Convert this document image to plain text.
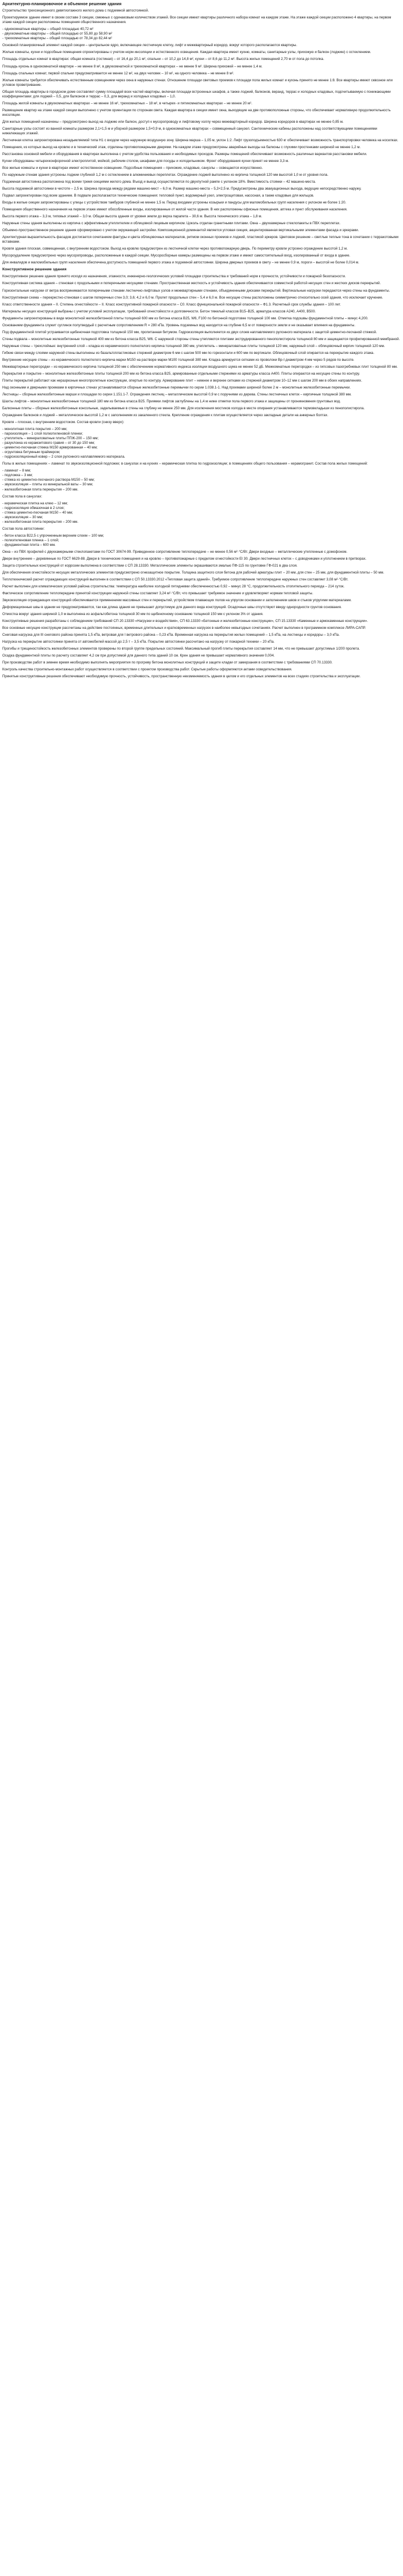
Архитектурно-планировочное и объемное решение здания

Строительство трехсекционного девятиэтажного жилого дома с подземной автостоянкой.

Проектируемое здание имеет в своем составе 3 секции, смежных с одинаковым количеством этажей. Все секции имеют квартиры различного набора комнат на каждом этаже. На этаже каждой секции расположено 4 квартиры, на первом этаже каждой секции расположены помещения общественного назначения.

- однокомнатные квартиры – общей площадью 40,72 м²

- двухкомнатные квартиры – общей площадью от 55,80 до 58,90 м²

- трехкомнатные квартиры – общей площадью от 78,34 до 82,44 м²

Основной планировочный элемент каждой секции – центральное ядро, включающее лестничную клетку, лифт и межквартирный коридор, вокруг которого располагаются квартиры.

Жилые комнаты, кухни и подсобные помещения спроектированы с учетом норм инсоляции и естественного освещения. Каждая квартира имеет кухню, комнаты, санитарные узлы, прихожую и балкон (лоджию) с остеклением.

Площадь отдельных комнат в квартирах: общая комната (гостиная) – от 16,4 до 20,1 м², спальни – от 10,2 до 14,8 м², кухни – от 8,6 до 11,2 м². Высота жилых помещений 2,70 м от пола до потолка.

Площадь кухонь в однокомнатной квартире – не менее 8 м², в двухкомнатной и трехкомнатной квартирах – не менее 9 м². Ширина прихожей – не менее 1,4 м.

Площадь спальных комнат, первой спальни предусматривается не менее 12 м², на двух человек – 10 м², на одного человека – не менее 8 м².

Жилые комнаты требуется обеспечивать естественным освещением через окна в наружных стенах. Отношение площади световых проемов к площади пола жилых комнат и кухонь принято не менее 1:8. Все квартиры имеют сквозное или угловое проветривание.

Общая площадь квартиры в городском доме составляет сумму площадей всех частей квартиры, включая площади встроенных шкафов, а также лоджий, балконов, веранд, террас и холодных кладовых, подсчитываемую с понижающими коэффициентами: для лоджий – 0,5, для балконов и террас – 0,3, для веранд и холодных кладовых – 1,0.

Площадь жилой комнаты в двухкомнатных квартирах – не менее 16 м², трехкомнатных – 18 м², в четырех- и пятикомнатных квартирах – не менее 20 м².

Размещение квартир на этаже каждой секции выполнено с учетом ориентации по сторонам света. Каждая квартира в секции имеет окна, выходящие на две противоположные стороны, что обеспечивает нормативную продолжительность инсоляции.

Для жилых помещений назначены – предусмотрено выход на лоджию или балкон, доступ к мусоропроводу и лифтовому холлу через межквартирный коридор. Ширина коридоров в квартирах не менее 0,85 м.

Санитарные узлы состоят из ванной комнаты размером 2,1×1,5 м и уборной размером 1,5×0,9 м, в однокомнатных квартирах – совмещенный санузел. Сантехнические кабины расположены над соответствующими помещениями нижележащих этажей.

Лестничная клетка запроектирована незадымляемой типа Н1 с входом через наружную воздушную зону. Ширина марша – 1,05 м, уклон 1:2. Лифт грузоподъемностью 630 кг обеспечивает возможность транспортировки человека на носилках.

Помещения, из которых выход на кровлю и в технический этаж, отделены противопожарными дверями. На каждом этаже предусмотрены аварийные выходы на балконы с глухими простенками шириной не менее 1,2 м.

Расстановка основной мебели и оборудования в квартирах выполнена с учетом удобства пользования и необходимых проходов. Размеры помещений обеспечивают возможность различных вариантов расстановки мебели.

Кухни оборудованы четырехконфорочной электроплитой, мойкой, рабочим столом, шкафами для посуды и холодильником. Фронт оборудования кухни принят не менее 3,3 м.

Все жилые комнаты и кухни в квартирах имеют естественное освещение. Подсобные помещения – прихожие, кладовые, санузлы – освещаются искусственно.

По наружным стенам здания устроены лоджии глубиной 1,2 м с остеклением в алюминиевых переплетах. Ограждение лоджий выполнено из кирпича толщиной 120 мм высотой 1,0 м от уровня пола.

Подземная автостоянка расположена под всеми тремя секциями жилого дома. Въезд и выезд осуществляются по двухпутной рампе с уклоном 18%. Вместимость стоянки – 42 машино-места.

Высота подземной автостоянки в чистоте – 2,5 м. Ширина проезда между рядами машино-мест – 6,0 м. Размер машино-места – 5,3×2,5 м. Предусмотрены два эвакуационных выхода, ведущие непосредственно наружу.

Подвал запроектирован под всем зданием. В подвале располагаются технические помещения: тепловой пункт, водомерный узел, электрощитовая, насосная, а также кладовые для жильцов.

Входы в жилые секции запроектированы с улицы с устройством тамбуров глубиной не менее 1,5 м. Перед входами устроены козырьки и пандусы для маломобильных групп населения с уклоном не более 1:20.

Помещения общественного назначения на первом этаже имеют обособленные входы, изолированные от жилой части здания. В них расположены офисные помещения, аптека и пункт обслуживания населения.

Высота первого этажа – 3,3 м, типовых этажей – 3,0 м. Общая высота здания от уровня земли до верха парапета – 30,6 м. Высота технического этажа – 1,8 м.

Наружные стены здания выполнены из кирпича с эффективным утеплителем и облицовкой лицевым кирпичом. Цоколь отделан гранитными плитами. Окна – двухкамерные стеклопакеты в ПВХ переплетах.

Объемно-пространственное решение здания сформировано с учетом окружающей застройки. Композиционной доминантой является угловая секция, акцентированная вертикальными элементами фасада и эркерами.

Архитектурная выразительность фасадов достигается сочетанием фактуры и цвета облицовочных материалов, ритмом оконных проемов и лоджий, пластикой эркеров. Цветовое решение – светлые теплые тона в сочетании с терракотовыми вставками.

Кровля здания плоская, совмещенная, с внутренним водостоком. Выход на кровлю предусмотрен из лестничной клетки через противопожарную дверь. По периметру кровли устроено ограждение высотой 1,2 м.

Мусороудаление предусмотрено через мусоропроводы, расположенные в каждой секции. Мусоросборные камеры размещены на первом этаже и имеют самостоятельный вход, изолированный от входа в здание.

Для инвалидов и маломобильных групп населения обеспечена доступность помещений первого этажа и подземной автостоянки. Ширина дверных проемов в свету – не менее 0,9 м, пороги – высотой не более 0,014 м.

Конструктивное решение здания

Конструктивное решение здания принято исходя из назначения, этажности, инженерно-геологических условий площадки строительства и требований норм к прочности, устойчивости и пожарной безопасности.

Конструктивная система здания – стеновая с продольными и поперечными несущими стенами. Пространственная жесткость и устойчивость здания обеспечиваются совместной работой несущих стен и жестких дисков перекрытий.

Горизонтальные нагрузки от ветра воспринимаются поперечными стенами лестнично-лифтовых узлов и межквартирными стенами, объединенными дисками перекрытий. Вертикальные нагрузки передаются через стены на фундаменты.

Конструктивная схема – перекрестно-стеновая с шагом поперечных стен 3,0; 3,6; 4,2 и 6,0 м. Пролет продольных стен – 5,4 и 6,0 м. Все несущие стены расположены симметрично относительно осей здания, что исключает кручение.

Класс ответственности здания – II. Степень огнестойкости – II. Класс конструктивной пожарной опасности – С0. Класс функциональной пожарной опасности – Ф1.3. Расчетный срок службы здания – 100 лет.

Материалы несущих конструкций выбраны с учетом условий эксплуатации, требований огнестойкости и долговечности. Бетон тяжелый классов B15–B25, арматура классов А240, А400, В500.

Фундаменты запроектированы в виде монолитной железобетонной плиты толщиной 600 мм из бетона класса B25, W6, F100 по бетонной подготовке толщиной 100 мм. Отметка подошвы фундаментной плиты – минус 4,200.

Основанием фундамента служит суглинок полутвердый с расчетным сопротивлением R = 280 кПа. Уровень подземных вод находится на глубине 6,5 м от поверхности земли и не оказывает влияния на фундаменты.

Под фундаментной плитой устраивается щебеночная подготовка толщиной 150 мм, пропитанная битумом. Гидроизоляция выполняется из двух слоев наплавляемого рулонного материала с защитой цементно-песчаной стяжкой.

Стены подвала – монолитные железобетонные толщиной 400 мм из бетона класса B25, W6. С наружной стороны стены утепляются плитами экструдированного пенополистирола толщиной 80 мм и защищаются профилированной мембраной.

Наружные стены – трехслойные: внутренний слой – кладка из керамического полнотелого кирпича толщиной 380 мм, утеплитель – минераловатные плиты толщиной 120 мм, наружный слой – облицовочный кирпич толщиной 120 мм.

Гибкие связи между слоями наружной стены выполнены из базальтопластиковых стержней диаметром 6 мм с шагом 500 мм по горизонтали и 600 мм по вертикали. Облицовочный слой опирается на перекрытие каждого этажа.

Внутренние несущие стены – из керамического полнотелого кирпича марки М150 на растворе марки М100 толщиной 380 мм. Кладка армируется сетками из проволоки Вр-I диаметром 4 мм через 5 рядов по высоте.

Межквартирные перегородки – из керамического кирпича толщиной 250 мм с обеспечением нормативного индекса изоляции воздушного шума не менее 52 дБ. Межкомнатные перегородки – из гипсовых пазогребневых плит толщиной 80 мм.

Перекрытия и покрытие – монолитные железобетонные плиты толщиной 200 мм из бетона класса B25, армированные отдельными стержнями из арматуры класса А400. Плиты опираются на несущие стены по контуру.

Плиты перекрытий работают как неразрезные многопролетные конструкции, опертые по контуру. Армирование плит – нижнее и верхнее сетками из стержней диаметром 10–12 мм с шагом 200 мм в обоих направлениях.

Над оконными и дверными проемами в кирпичных стенах устанавливаются сборные железобетонные перемычки по серии 1.038.1-1. Над проемами шириной более 2 м – монолитные железобетонные перемычки.

Лестницы – сборные железобетонные марши и площадки по серии 1.151.1-7. Ограждения лестниц – металлические высотой 0,9 м с поручнями из дерева. Стены лестничных клеток – кирпичные толщиной 380 мм.

Шахты лифтов – монолитные железобетонные толщиной 180 мм из бетона класса B25. Приямки лифтов заглублены на 1,4 м ниже отметки пола первого этажа и защищены от проникновения грунтовых вод.

Балконные плиты – сборные железобетонные консольные, заделываемые в стены на глубину не менее 250 мм. Для исключения мостиков холода в месте опирания устанавливаются термовкладыши из пенополистирола.

Ограждение балконов и лоджий – металлическое высотой 1,2 м с заполнением из закаленного стекла. Крепление ограждения к плитам осуществляется через закладные детали на анкерных болтах.

Кровля – плоская, с внутренним водостоком. Состав кровли (снизу вверх):

- монолитная плита покрытия – 200 мм;

- пароизоляция – 1 слой полиэтиленовой пленки;

- утеплитель – минераловатные плиты ППЖ-200 – 150 мм;

- разуклонка из керамзитового гравия – от 30 до 150 мм;

- цементно-песчаная стяжка М150 армированная – 40 мм;

- огрунтовка битумным праймером;

- гидроизоляционный ковер – 2 слоя рулонного наплавляемого материала.

Полы в жилых помещениях – ламинат по звукоизоляционной подложке; в санузлах и на кухнях – керамическая плитка по гидроизоляции; в помещениях общего пользования – керамогранит. Состав пола жилых помещений:

- ламинат – 8 мм;

- подложка – 3 мм;

- стяжка из цементно-песчаного раствора М150 – 50 мм;

- звукоизоляция – плиты из минеральной ваты – 30 мм;

- железобетонная плита перекрытия – 200 мм.

Состав пола в санузлах:

- керамическая плитка на клею – 12 мм;

- гидроизоляция обмазочная в 2 слоя;

- стяжка цементно-песчаная М150 – 40 мм;

- звукоизоляция – 30 мм;

- железобетонная плита перекрытия – 200 мм.

Состав пола автостоянки:

- бетон класса B22,5 с упрочненным верхним слоем – 100 мм;

- полиэтиленовая пленка – 1 слой;

- фундаментная плита – 600 мм.

Окна – из ПВХ профилей с двухкамерными стеклопакетами по ГОСТ 30674-99. Приведенное сопротивление теплопередаче – не менее 0,56 м²·°С/Вт. Двери входные – металлические утепленные с домофоном.

Двери внутренние – деревянные по ГОСТ 6629-88. Двери в технические помещения и на кровлю – противопожарные с пределом огнестойкости EI 30. Двери лестничных клеток – с доводчиками и уплотнением в притворах.

Защита строительных конструкций от коррозии выполнена в соответствии с СП 28.13330. Металлические элементы окрашиваются эмалью ПФ-115 по грунтовке ГФ-021 в два слоя.

Для обеспечения огнестойкости несущих металлических элементов предусмотрено огнезащитное покрытие. Толщина защитного слоя бетона для рабочей арматуры плит – 20 мм, для стен – 25 мм, для фундаментной плиты – 50 мм.

Теплотехнический расчет ограждающих конструкций выполнен в соответствии с СП 50.13330.2012 «Тепловая защита зданий». Требуемое сопротивление теплопередаче наружных стен составляет 3,08 м²·°С/Вт.

Расчет выполнен для климатических условий района строительства: температура наиболее холодной пятидневки обеспеченностью 0,92 – минус 28 °С, продолжительность отопительного периода – 214 суток.

Фактическое сопротивление теплопередаче принятой конструкции наружной стены составляет 3,24 м²·°С/Вт, что превышает требуемое значение и удовлетворяет нормам тепловой защиты.

Звукоизоляция ограждающих конструкций обеспечивается применением массивных стен и перекрытий, устройством плавающих полов на упругом основании и заполнением швов и стыков упругими материалами.

Деформационные швы в здании не предусматриваются, так как длина здания не превышает допустимую для данного вида конструкций. Осадочные швы отсутствуют ввиду однородности грунтов основания.

Отмостка вокруг здания шириной 1,0 м выполнена из асфальтобетона толщиной 30 мм по щебеночному основанию толщиной 150 мм с уклоном 3% от здания.

Конструктивные решения разработаны с соблюдением требований СП 20.13330 «Нагрузки и воздействия», СП 63.13330 «Бетонные и железобетонные конструкции», СП 15.13330 «Каменные и армокаменные конструкции».

Все основные несущие конструкции рассчитаны на действие постоянных, временных длительных и кратковременных нагрузок в наиболее невыгодных сочетаниях. Расчет выполнен в программном комплексе ЛИРА-САПР.

Снеговая нагрузка для III снегового района принята 1,5 кПа, ветровая для I ветрового района – 0,23 кПа. Временная нагрузка на перекрытия жилых помещений – 1,5 кПа, на лестницы и коридоры – 3,0 кПа.

Нагрузка на перекрытие автостоянки принята от автомобилей массой до 2,5 т – 3,5 кПа. Покрытие автостоянки рассчитано на нагрузку от пожарной техники – 20 кПа.

Прогибы и трещиностойкость железобетонных элементов проверены по второй группе предельных состояний. Максимальный прогиб плиты перекрытия составляет 14 мм, что не превышает допустимых 1/200 пролета.

Осадка фундаментной плиты по расчету составляет 4,2 см при допустимой для данного типа зданий 10 см. Крен здания не превышает нормативного значения 0,004.

При производстве работ в зимнее время необходимо выполнять мероприятия по прогреву бетона монолитных конструкций и защите кладки от замерзания в соответствии с требованиями СП 70.13330.

Контроль качества строительно-монтажных работ осуществляется в соответствии с проектом производства работ. Скрытые работы оформляются актами освидетельствования.

Принятые конструктивные решения обеспечивают необходимую прочность, устойчивость, пространственную неизменяемость здания в целом и его отдельных элементов на всех стадиях строительства и эксплуатации.
